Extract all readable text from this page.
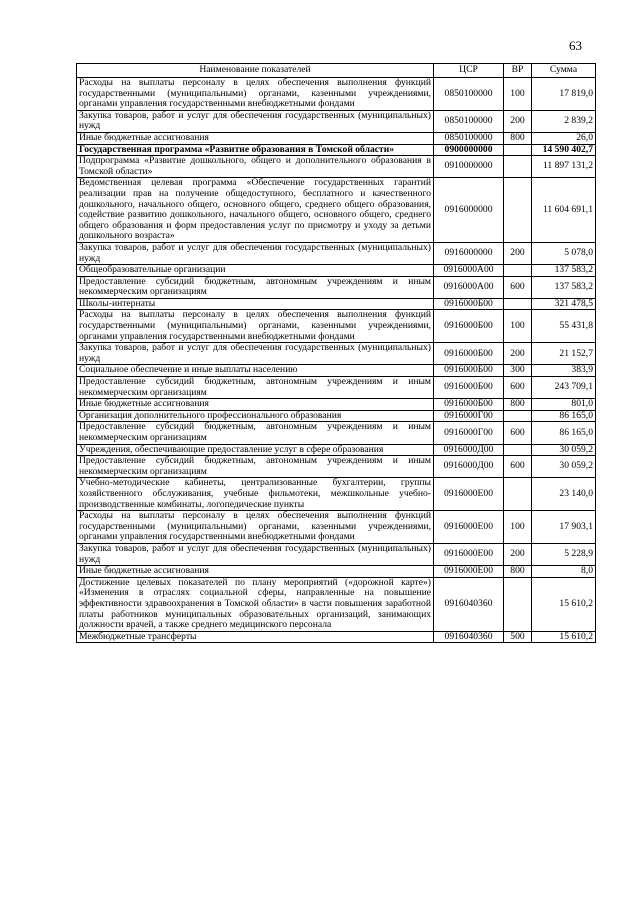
63
Наименование показателей	ЦСР	ВР	Сумма
Расходы на выплаты персоналу в целях обеспечения выполнения функций государственными (муниципальными) органами, казенными учреждениями, органами управления государственными внебюджетными фондами	0850100000	100	17 819,0
Закупка товаров, работ и услуг для обеспечения государственных (муниципальных) нужд	0850100000	200	2 839,2
Иные бюджетные ассигнования	0850100000	800	26,0
Государственная программа «Развитие образования в Томской области»	0900000000		14 590 402,7
Подпрограмма «Развитие дошкольного, общего и дополнительного образования в Томской области»	0910000000		11 897 131,2
Ведомственная целевая программа «Обеспечение государственных гарантий реализации прав на получение общедоступного, бесплатного и качественного дошкольного, начального общего, основного общего, среднего общего образования, содействие развитию дошкольного, начального общего, основного общего, среднего общего образования и форм предоставления услуг по присмотру и уходу за детьми дошкольного возраста»	0916000000		11 604 691,1
Закупка товаров, работ и услуг для обеспечения государственных (муниципальных) нужд	0916000000	200	5 078,0
Общеобразовательные организации	0916000А00		137 583,2
Предоставление субсидий бюджетным, автономным учреждениям и иным некоммерческим организациям	0916000А00	600	137 583,2
Школы-интернаты	0916000Б00		321 478,5
Расходы на выплаты персоналу в целях обеспечения выполнения функций государственными (муниципальными) органами, казенными учреждениями, органами управления государственными внебюджетными фондами	0916000Б00	100	55 431,8
Закупка товаров, работ и услуг для обеспечения государственных (муниципальных) нужд	0916000Б00	200	21 152,7
Социальное обеспечение и иные выплаты населению	0916000Б00	300	383,9
Предоставление субсидий бюджетным, автономным учреждениям и иным некоммерческим организациям	0916000Б00	600	243 709,1
Иные бюджетные ассигнования	0916000Б00	800	801,0
Организация дополнительного профессионального образования	0916000Г00		86 165,0
Предоставление субсидий бюджетным, автономным учреждениям и иным некоммерческим организациям	0916000Г00	600	86 165,0
Учреждения, обеспечивающие предоставление услуг в сфере образования	0916000Д00		30 059,2
Предоставление субсидий бюджетным, автономным учреждениям и иным некоммерческим организациям	0916000Д00	600	30 059,2
Учебно-методические кабинеты, централизованные бухгалтерии, группы хозяйственного обслуживания, учебные фильмотеки, межшкольные учебно-производственные комбинаты, логопедические пункты	0916000Е00		23 140,0
Расходы на выплаты персоналу в целях обеспечения выполнения функций государственными (муниципальными) органами, казенными учреждениями, органами управления государственными внебюджетными фондами	0916000Е00	100	17 903,1
Закупка товаров, работ и услуг для обеспечения государственных (муниципальных) нужд	0916000Е00	200	5 228,9
Иные бюджетные ассигнования	0916000Е00	800	8,0
Достижение целевых показателей по плану мероприятий («дорожной карте») «Изменения в отраслях социальной сферы, направленные на повышение эффективности здравоохранения в Томской области» в части повышения заработной платы работников муниципальных образовательных организаций, занимающих должности врачей, а также среднего медицинского персонала	0916040360		15 610,2
Межбюджетные трансферты	0916040360	500	15 610,2
